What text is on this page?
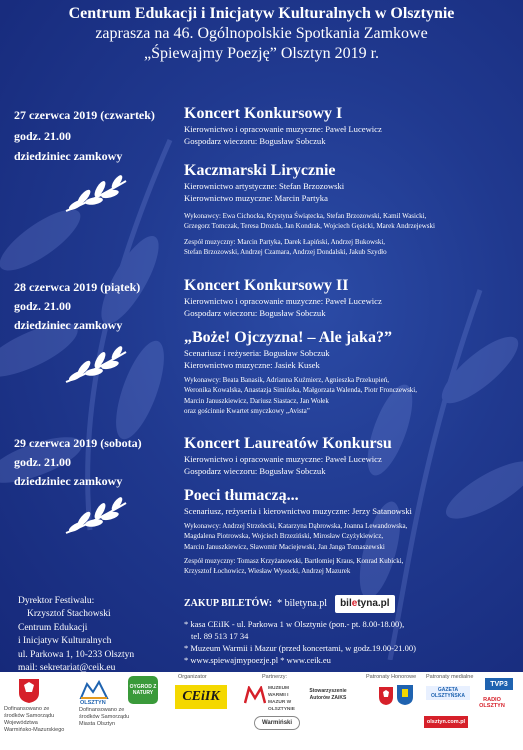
Centrum Edukacji i Inicjatyw Kulturalnych w Olsztynie
zaprasza na 46. Ogólnopolskie Spotkania Zamkowe
„Śpiewajmy Poezję” Olsztyn 2019 r.
27 czerwca 2019 (czwartek)
godz. 21.00
dziedziniec zamkowy
Koncert Konkursowy I
Kierownictwo i opracowanie muzyczne: Paweł Lucewicz
Gospodarz wieczoru: Bogusław Sobczuk
Kaczmarski Lirycznie
Kierownictwo artystyczne: Stefan Brzozowski
Kierownictwo muzyczne: Marcin Partyka
Wykonawcy: Ewa Cichocka, Krystyna Świątecka, Stefan Brzozowski, Kamil Wasicki,
Grzegorz Tomczak, Teresa Drozda, Jan Kondrak, Wojciech Gęsicki, Marek Andrzejewski
Zespół muzyczny: Marcin Partyka, Darek Łapiński, Andrzej Bukowski,
Stefan Brzozowski, Andrzej Czamara, Andrzej Dondalski, Jakub Szydło
28 czerwca 2019 (piątek)
godz. 21.00
dziedziniec zamkowy
Koncert Konkursowy II
Kierownictwo i opracowanie muzyczne: Paweł Lucewicz
Gospodarz wieczoru: Bogusław Sobczuk
„Boże! Ojczyzna! – Ale jaka?”
Scenariusz i reżyseria: Bogusław Sobczuk
Kierownictwo muzyczne: Jasiek Kusek
Wykonawcy: Beata Banasik, Adrianna Kuźmierz, Agnieszka Przekupień,
Weronika Kowalska, Anastazja Simińska, Małgorzata Walenda, Piotr Fronczewski,
Marcin Januszkiewicz, Dariusz Siastacz, Jan Wołek
oraz gościnnie Kwartet smyczkowy „Avista”
29 czerwca 2019 (sobota)
godz. 21.00
dziedziniec zamkowy
Koncert Laureatów Konkursu
Kierownictwo i opracowanie muzyczne: Paweł Lucewicz
Gospodarz wieczoru: Bogusław Sobczuk
Poeci tłumaczą...
Scenariusz, reżyseria i kierownictwo muzyczne: Jerzy Satanowski
Wykonawcy: Andrzej Strzelecki, Katarzyna Dąbrowska, Joanna Lewandowska,
Magdalena Piotrowska, Wojciech Brzeziński, Mirosław Czyżykiewicz,
Marcin Januszkiewicz, Sławomir Maciejewski, Jan Janga Tomaszewski
Zespół muzyczny: Tomasz Krzyżanowski, Bartłomiej Kraus, Konrad Kubicki,
Krzysztof Łochowicz, Wiesław Wysocki, Andrzej Mazurek
Dyrektor Festiwalu:
Krzysztof Stachowski
Centrum Edukacji
i Inicjatyw Kulturalnych
ul. Parkowa 1, 10-233 Olsztyn
mail: sekretariat@ceik.eu
ZAKUP BILETÓW: * biletyna.pl	biletyna.pl
* kasa CEiIK - ul. Parkowa 1 w Olsztynie (pon.- pt. 8.00-18.00),
tel. 89 513 17 34
* Muzeum Warmii i Mazur (przed koncertami, w godz.19.00-21.00)
* www.spiewajmypoezje.pl * www.ceik.eu
Dofinansowano ze środków Samorządu Województwa Warmińsko-Mazurskiego
OLSZTYN
Dofinansowano ze środków Samorządu Miasta Olsztyn
OYGROD Z NATURY
Organizator
CEiIK
Partnerzy:
MUZEUM WARMII I MAZUR W OLSZTYNIE
Stowarzyszenie Autorów ZAiKS
Warmiński
Patronaty Honorowe Patronaty medialne
TVP3
GAZETA OLSZTYŃSKA
RADIO OLSZTYN
olsztyn.com.pl
